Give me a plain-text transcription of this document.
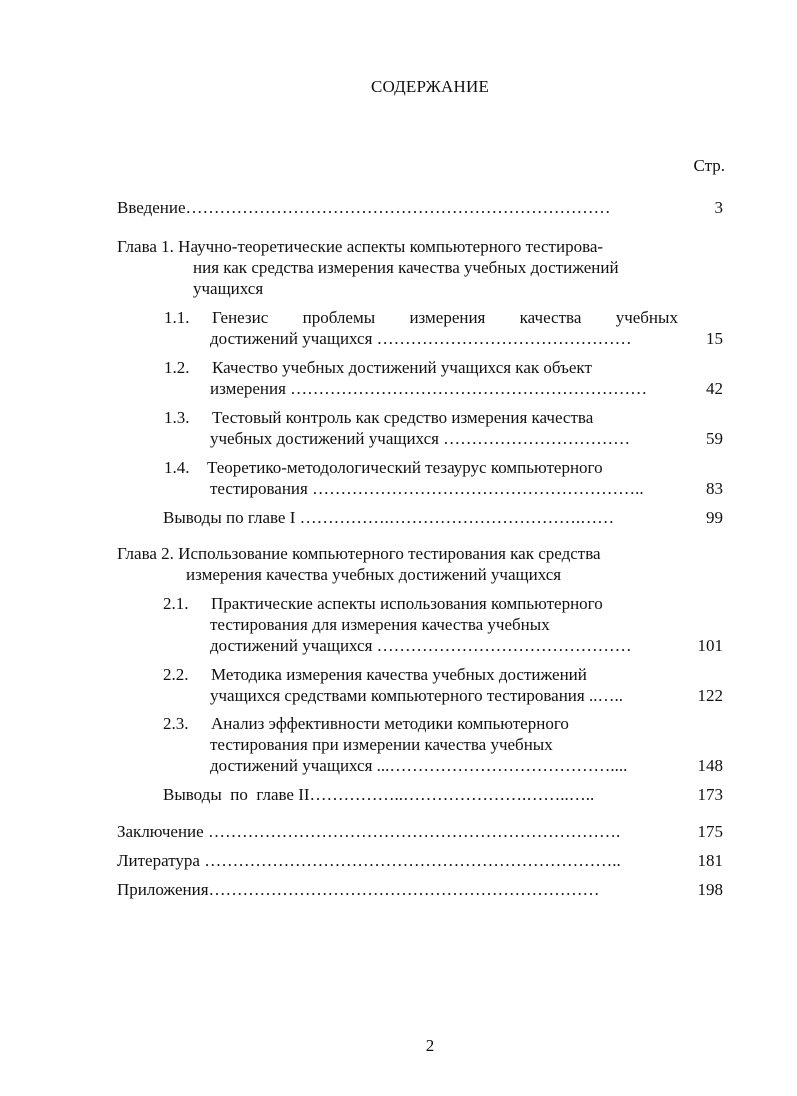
СОДЕРЖАНИЕ
Стр.
Введение…………………………………………………………………	3
Глава 1. Научно-теоретические аспекты компьютерного тестирова-
ния как средства измерения качества учебных достижений
учащихся
1.1. Генезис проблемы измерения качества учебных
достижений учащихся ………………………………………	15
1.2. Качество учебных достижений учащихся как объект
измерения ………………………………………………………	42
1.3. Тестовый контроль как средство измерения качества
учебных достижений учащихся ……………………………	59
1.4. Теоретико-методологический тезаурус компьютерного
тестирования …………………………………………………..	83
Выводы по главе I …………….…………………………….……	99
Глава 2. Использование компьютерного тестирования как средства
измерения качества учебных достижений учащихся
2.1. Практические аспекты использования компьютерного
тестирования для измерения качества учебных
достижений учащихся ………………………………………	101
2.2. Методика измерения качества учебных достижений
учащихся средствами компьютерного тестирования ..…..	122
2.3. Анализ эффективности методики компьютерного
тестирования при измерении качества учебных
достижений учащихся ...…………………………………....	148
Выводы  по  главе II……………..………………….……..…..	173
Заключение ……………………………………………………………….	175
Литература ………………………………………………………………..	181
Приложения……………………………………………………………	198
2
